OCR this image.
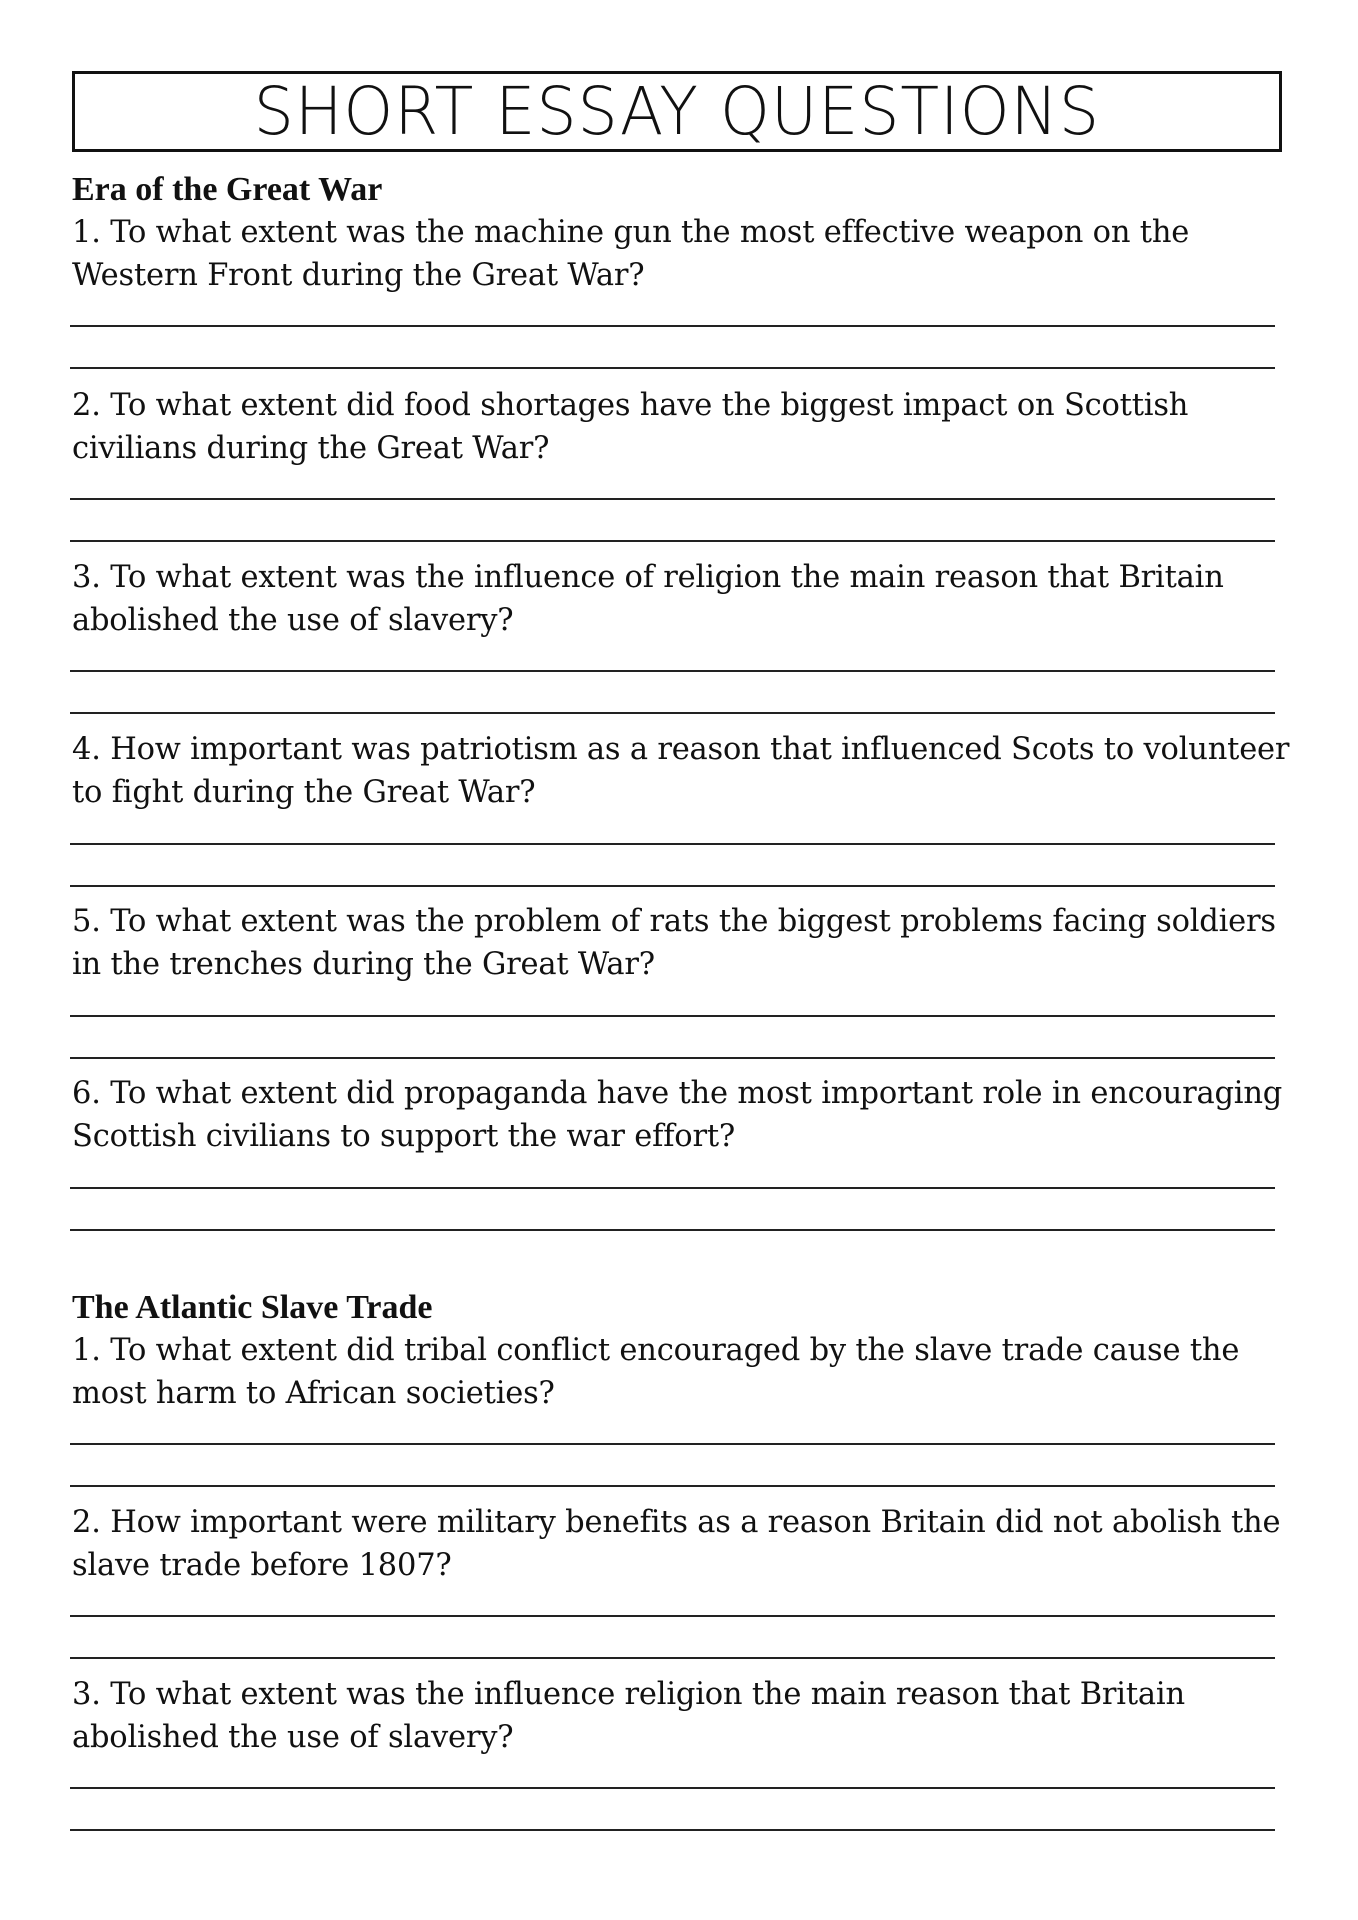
SHORT ESSAY QUESTIONS
Era of the Great War
1. To what extent was the machine gun the most effective weapon on the Western Front during the Great War?
2. To what extent did food shortages have the biggest impact on Scottish civilians during the Great War?
3. To what extent was the influence of religion the main reason that Britain abolished the use of slavery?
4. How important was patriotism as a reason that influenced Scots to volunteer to fight during the Great War?
5. To what extent was the problem of rats the biggest problems facing soldiers in the trenches during the Great War?
6. To what extent did propaganda have the most important role in encouraging Scottish civilians to support the war effort?
The Atlantic Slave Trade
1. To what extent did tribal conflict encouraged by the slave trade cause the most harm to African societies?
2. How important were military benefits as a reason Britain did not abolish the slave trade before 1807?
3. To what extent was the influence religion the main reason that Britain abolished the use of slavery?
